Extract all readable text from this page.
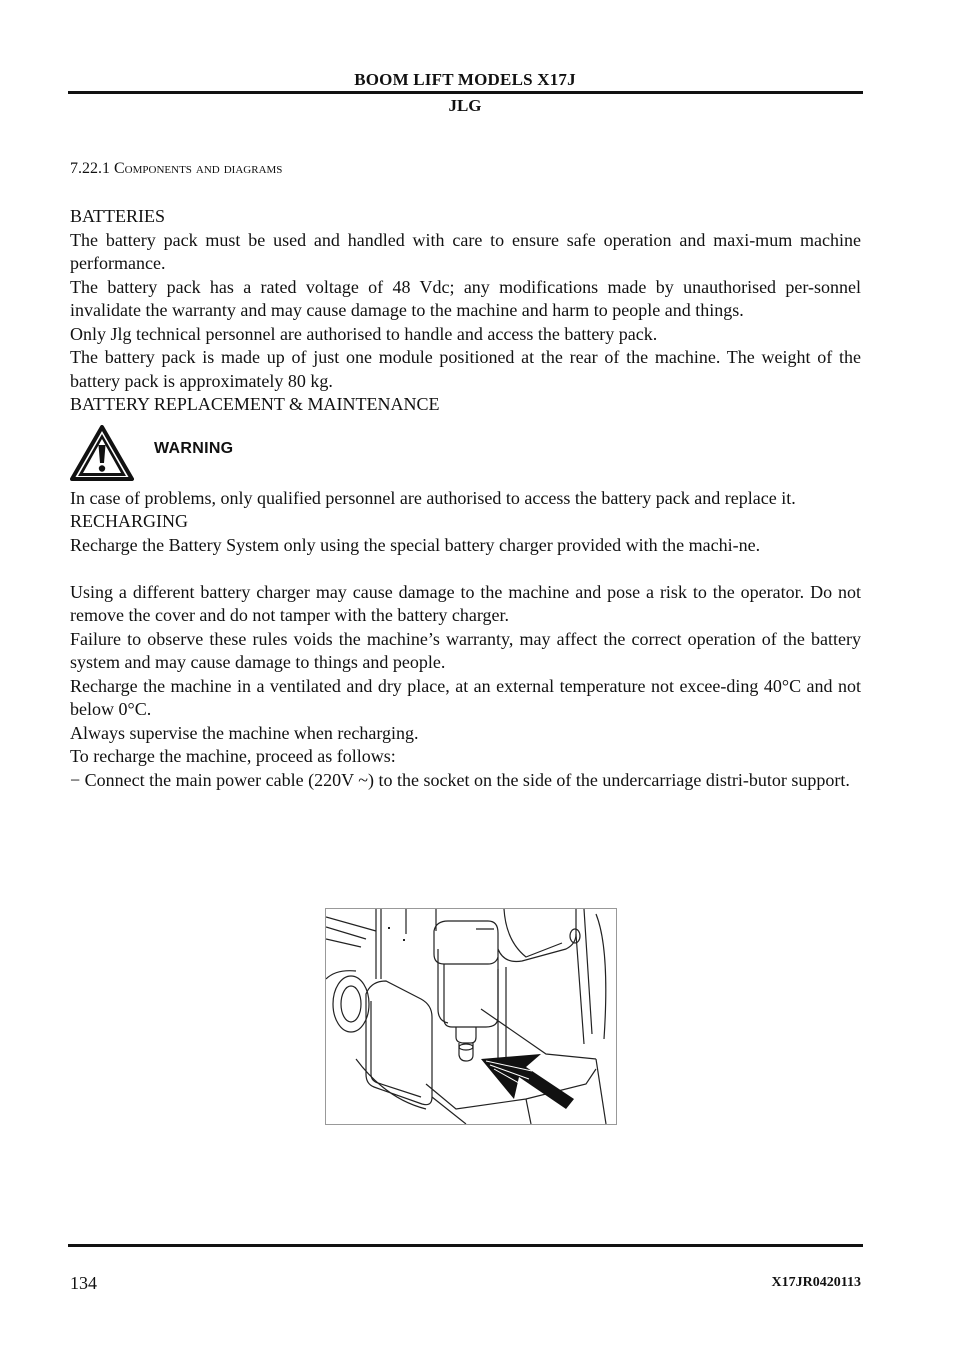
BOOM LIFT MODELS X17J
JLG
7.22.1 Components and diagrams

BATTERIES

The battery pack must be used and handled with care to ensure safe operation and maxi-mum machine performance.

The battery pack has a rated voltage of 48 Vdc; any modifications made by unauthorised per-sonnel invalidate the warranty and may cause damage to the machine and harm to people and things.

Only Jlg technical personnel are authorised to handle and access the battery pack.

The battery pack is made up of just one module positioned at the rear of the machine. The weight of the battery pack is approximately 80 kg.

BATTERY REPLACEMENT & MAINTENANCE

WARNING

In case of problems, only qualified personnel are authorised to access the battery pack and replace it.

RECHARGING

Recharge the Battery System only using the special battery charger provided with the machi-ne.

Using a different battery charger may cause damage to the machine and pose a risk to the operator. Do not remove the cover and do not tamper with the battery charger.

Failure to observe these rules voids the machine’s warranty, may affect the correct operation of the battery system and may cause damage to things and people.

Recharge the machine in a ventilated and dry place, at an external temperature not excee-ding 40°C and not below 0°C.

Always supervise the machine when recharging.

To recharge the machine, proceed as follows:

− Connect the main power cable (220V ~) to the socket on the side of the undercarriage distri-butor support.

134	X17JR0420113
